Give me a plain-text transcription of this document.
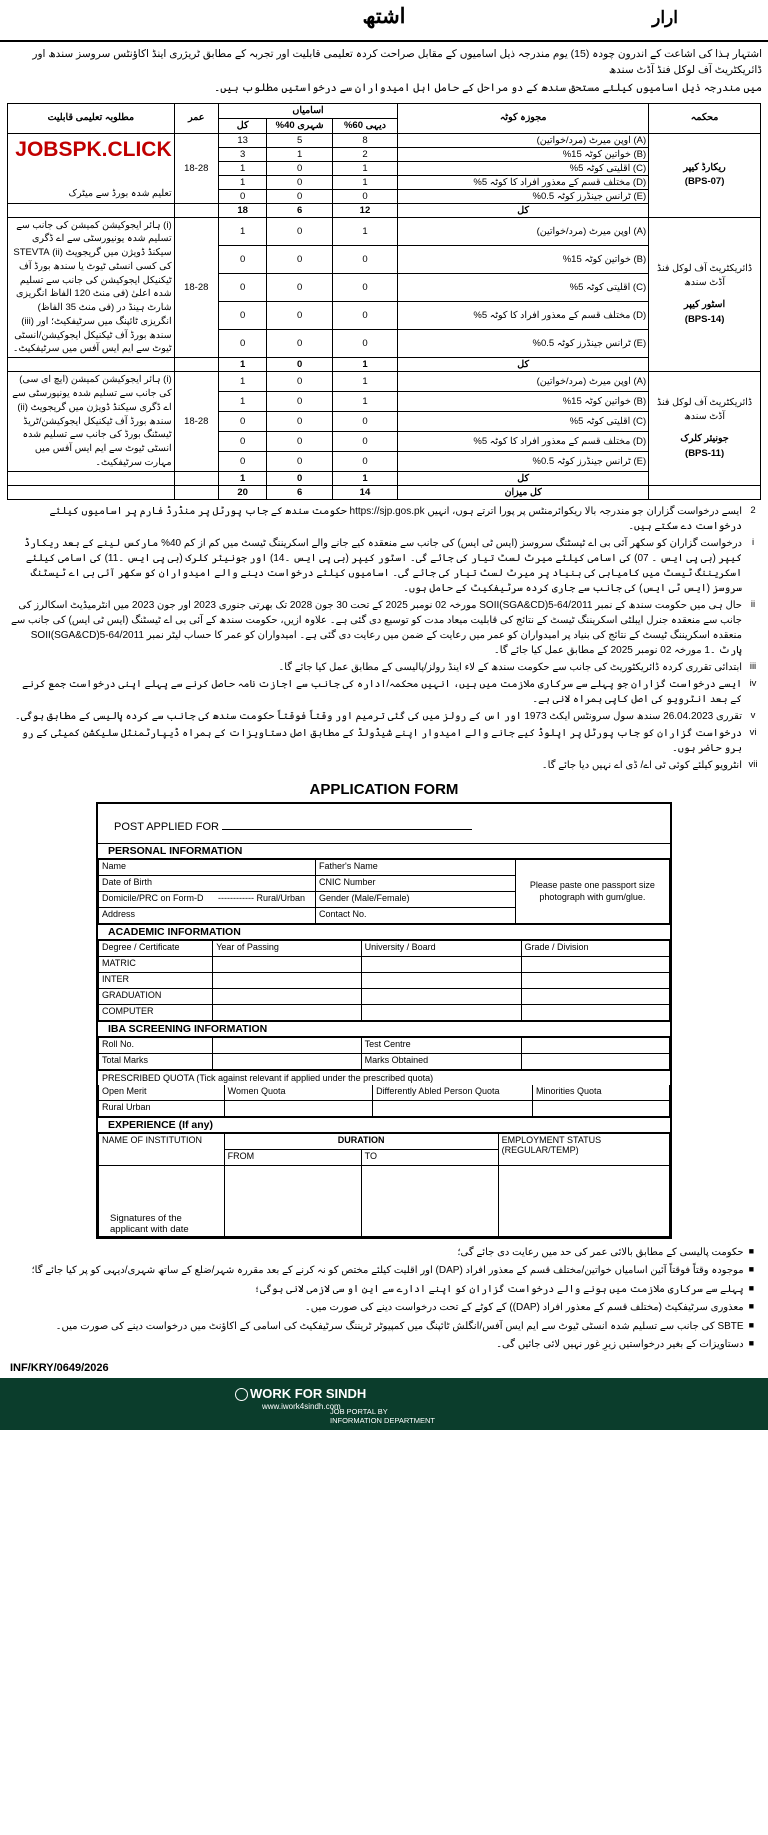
اشتھ	ارار

اشتہار ہذا کی اشاعت کے اندرون چودہ (15) یوم مندرجہ ذیل اسامیوں کے مقابل صراحت کردہ تعلیمی قابلیت اور تجربہ کے مطابق ٹریژری اینڈ اکاؤنٹس سروسز سندھ اور ڈائریکٹریٹ آف لوکل فنڈ آڈٹ سندھ

میں مندرجہ ذیل اسامیوں کیلئے مستحق سندھ کے دو مراحل کے حامل اہل امیدواران سے درخواستیں مطلوب ہیں۔

مطلوبہ تعلیمی قابلیت	عمر	اسامیاں			مجوزہ کوٹہ	محکمہ

		کل	شہری 40%	دیہی 60%		

JOBSPK.CLICK
تعلیم شدہ بورڈ سے میٹرک
	18-28	13	5	8	(A) اوپن میرٹ (مرد/خواتین)	
ریکارڈ کیپر
(BPS-07)

		3	1	2	(B) خواتین کوٹہ 15%	
		1	0	1	(C) اقلیتی کوٹہ 5%	
		1	0	1	(D) مختلف قسم کے معذور افراد کا کوٹہ 5%	
		0	0	0	(E) ٹرانس جینڈرز کوٹہ 0.5%	
		18	6	12	کل	
(i) ہائر ایجوکیشن کمیشن کی جانب سے تسلیم شدہ یونیورسٹی سے اے ڈگری سیکنڈ ڈویژن میں گریجویٹ (ii) STEVTA کی کسی انسٹی ٹیوٹ یا سندھ بورڈ آف ٹیکنیکل ایجوکیشن کی جانب سے تسلیم شدہ اعلیٰ (فی منٹ 120 الفاظ انگریزی شارٹ ہینڈ در (فی منٹ 35 الفاظ) انگریزی ٹائپنگ میں سرٹیفکیٹ؛ اور (iii) سندھ بورڈ آف ٹیکنیکل ایجوکیشن/انسٹی ٹیوٹ سے ایم ایس آفس میں سرٹیفکیٹ۔	18-28	1	0	1	(A) اوپن میرٹ (مرد/خواتین)	
ڈائریکٹریٹ آف لوکل فنڈ آڈٹ سندھ
اسٹور کیپر
(BPS-14)

		0	0	0	(B) خواتین کوٹہ 15%	
		0	0	0	(C) اقلیتی کوٹہ 5%	
		0	0	0	(D) مختلف قسم کے معذور افراد کا کوٹہ 5%	
		0	0	0	(E) ٹرانس جینڈرز کوٹہ 0.5%	
		1	0	1	کل	
(i) ہائر ایجوکیشن کمیشن (ایچ ای سی) کی جانب سے تسلیم شدہ یونیورسٹی سے اے ڈگری سیکنڈ ڈویژن میں گریجویٹ (ii) سندھ بورڈ آف ٹیکنیکل ایجوکیشن/ٹریڈ ٹیسٹنگ بورڈ کی جانب سے تسلیم شدہ انسٹی ٹیوٹ سے ایم ایس آفس میں مہارت سرٹیفکیٹ۔	18-28	1	0	1	(A) اوپن میرٹ (مرد/خواتین)	
ڈائریکٹریٹ آف لوکل فنڈ آڈٹ سندھ
جونیئر کلرک
(BPS-11)

		1	0	1	(B) خواتین کوٹہ 15%	
		0	0	0	(C) اقلیتی کوٹہ 5%	
		0	0	0	(D) مختلف قسم کے معذور افراد کا کوٹہ 5%	
		0	0	0	(E) ٹرانس جینڈرز کوٹہ 0.5%	
		1	0	1	کل	
		20	6	14	کل میزان	
2
ایسے درخواست گزاران جو مندرجہ بالا ریکوائرمنٹس پر پورا اترتے ہوں، انہیں https://sjp.gos.pk حکومت سندھ کے جاب پورٹل پر منڈرڈ فارم پر اسامیوں کیلئے درخواست دے سکتے ہیں۔
i
درخواست گزاران کو سکھر آئی بی اے ٹیسٹنگ سروسز (ایس ٹی ایس) کی جانب سے منعقدہ کیے جانے والے اسکریننگ ٹیسٹ میں کم از کم 40% مارکس لینے کے بعد ریکارڈ کیپر (بی پی ایس ۔ 07) کی اسامی کیلئے میرٹ لسٹ تیار کی جائے گی۔ اسٹور کیپر (بی پی ایس ۔14) اور جونیئر کلرک (بی پی ایس ۔11) کی اسامی کیلئے اسکریننگ ٹیسٹ میں کامیابی کی بنیاد پر میرٹ لسٹ تیار کی جائے گی۔ اسامیوں کیلئے درخواست دینے والے امیدواران کو سکھر آئی بی اے ٹیسٹنگ سروسز (ایس ٹی ایس) کی جانب سے جاری کردہ سرٹیفکیٹ کے حامل ہوں۔
ii
حال ہی میں حکومت سندھ کے نمبر SOII(SGA&CD)5-64/2011 مورخہ 02 نومبر 2025 کے تحت 30 جون 2028 تک بھرتی جنوری 2023 اور جون 2023 میں انٹرمیڈیٹ اسکالرز کی جانب سے منعقدہ جنرل ایبلٹی اسکریننگ ٹیسٹ کے نتائج کی قابلیت میعاد مدت کو توسیع دی گئی ہے۔ علاوہ ازیں، حکومت سندھ کے آئی بی اے ٹیسٹنگ (ایس ٹی ایس) کی جانب سے منعقدہ اسکریننگ ٹیسٹ کے نتائج کی بنیاد پر امیدواران کو عمر میں رعایت کے ضمن میں رعایت دی گئی ہے۔ امیدواران کو عمر کا حساب لیٹر نمبر SOII(SGA&CD)5-64/2011 پارٹ ۔1 مورخہ 02 نومبر 2025 کے مطابق عمل کیا جائے گا۔
iii
ابتدائی تقرری کردہ ڈائریکٹوریٹ کی جانب سے حکومت سندھ کے لاء اینڈ رولز/پالیسی کے مطابق عمل کیا جائے گا۔
iv
ایسے درخواست گزاران جو پہلے سے سرکاری ملازمت میں ہیں، انہیں محکمہ/ادارہ کی جانب سے اجازت نامہ حاصل کرنے سے پہلے اپنی درخواست جمع کرنے کے بعد انٹرویو کی اصل کاپی ہمراہ لانی ہے۔
v
تقرری 26.04.2023 سندھ سول سرونٹس ایکٹ 1973 اور اس کے رولز میں کی گئی ترمیم اور وقتاً فوقتاً حکومت سندھ کی جانب سے کردہ پالیسی کے مطابق ہوگی۔
vi
درخواست گزاران کو جاب پورٹل پر اپلوڈ کیے جانے والے امیدوار اپنے شیڈولڈ کے مطابق اصل دستاویزات کے ہمراہ ڈیپارٹمنٹل سلیکشن کمیٹی کے رو برو حاضر ہوں۔
vii
انٹرویو کیلئے کوئی ٹی اے/ ڈی اے نہیں دیا جائے گا۔
APPLICATION FORM
POST APPLIED FOR
PERSONAL INFORMATION
Name	Father's Name	Please paste one passport size photograph with gum/glue.
Date of Birth	CNIC Number	
Domicile/PRC on Form-D ------------ Rural/Urban	Gender (Male/Female)	
Address	Contact No.	
ACADEMIC INFORMATION
Degree / Certificate	Year of Passing	University / Board	Grade / Division
MATRIC			
INTER			
GRADUATION			
COMPUTER			
IBA SCREENING INFORMATION
Roll No.		Test Centre	
Total Marks		Marks Obtained	
PRESCRIBED QUOTA (Tick against relevant if applied under the prescribed quota)
Open Merit	Women Quota	Differently Abled Person Quota	Minorities Quota
Rural Urban			
EXPERIENCE (If any)
NAME OF INSTITUTION	DURATION		EMPLOYMENT STATUS (REGULAR/TEMP)
	FROM	TO	

Signatures of the applicant with date			

■
حکومت پالیسی کے مطابق بالائی عمر کی حد میں رعایت دی جائے گی؛
■
موجودہ وقتاً فوقتاً آئین اسامیاں خواتین/مختلف قسم کے معذور افراد (DAP) اور اقلیت کیلئے مختص کو نہ کرنے کے بعد مقررہ شہر/ضلع کے ساتھ شہری/دیہی کو پر کیا جائے گا؛
■
پہلے سے سرکاری ملازمت میں ہونے والے درخواست گزاران کو اپنے ادارے سے این او سی لازمی لانی ہوگی؛
■
معذوری سرٹیفکیٹ (مختلف قسم کے معذور افراد (DAP)) کے کوٹے کے تحت درخواست دینے کی صورت میں۔
■
SBTE کی جانب سے تسلیم شدہ انسٹی ٹیوٹ سے ایم ایس آفس/انگلش ٹائپنگ میں کمپیوٹر ٹریننگ سرٹیفکیٹ کی اسامی کے اکاؤنٹ میں درخواست دینے کی صورت میں۔
■
دستاویزات کے بغیر درخواستیں زیرِ غور نہیں لائی جائیں گی۔
INF/KRY/0649/2026
WORK FOR SINDH
www.iwork4sindh.com
JOB PORTAL BY
INFORMATION DEPARTMENT
